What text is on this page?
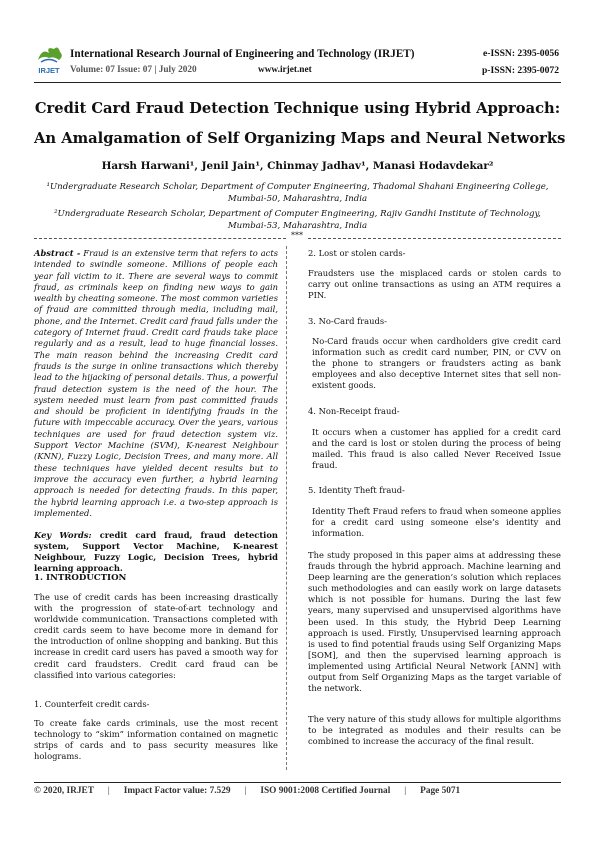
IRJET
International Research Journal of Engineering and Technology (IRJET)	e-ISSN: 2395-0056
Volume: 07 Issue: 07 | July 2020	www.irjet.net	p-ISSN: 2395-0072
Credit Card Fraud Detection Technique using Hybrid Approach:
An Amalgamation of Self Organizing Maps and Neural Networks
Harsh Harwani¹, Jenil Jain¹, Chinmay Jadhav¹, Manasi Hodavdekar²
¹Undergraduate Research Scholar, Department of Computer Engineering, Thadomal Shahani Engineering College, Mumbai-50, Maharashtra, India
²Undergraduate Research Scholar, Department of Computer Engineering, Rajiv Gandhi Institute of Technology, Mumbai-53, Maharashtra, India
***
Abstract - Fraud is an extensive term that refers to acts intended to swindle someone. Millions of people each year fall victim to it. There are several ways to commit fraud, as criminals keep on finding new ways to gain wealth by cheating someone. The most common varieties of fraud are committed through media, including mail, phone, and the Internet. Credit card fraud falls under the category of Internet fraud. Credit card frauds take place regularly and as a result, lead to huge financial losses. The main reason behind the increasing Credit card frauds is the surge in online transactions which thereby lead to the hijacking of personal details. Thus, a powerful fraud detection system is the need of the hour. The system needed must learn from past committed frauds and should be proficient in identifying frauds in the future with impeccable accuracy. Over the years, various techniques are used for fraud detection system viz. Support Vector Machine (SVM), K-nearest Neighbour (KNN), Fuzzy Logic, Decision Trees, and many more. All these techniques have yielded decent results but to improve the accuracy even further, a hybrid learning approach is needed for detecting frauds. In this paper, the hybrid learning approach i.e. a two-step approach is implemented.
Key Words: credit card fraud, fraud detection system, Support Vector Machine, K-nearest Neighbour, Fuzzy Logic, Decision Trees, hybrid learning approach.
1. INTRODUCTION
The use of credit cards has been increasing drastically with the progression of state-of-art technology and worldwide communication. Transactions completed with credit cards seem to have become more in demand for the introduction of online shopping and banking. But this increase in credit card users has paved a smooth way for credit card fraudsters. Credit card fraud can be classified into various categories:
1. Counterfeit credit cards-
To create fake cards criminals, use the most recent technology to “skim” information contained on magnetic strips of cards and to pass security measures like holograms.
2. Lost or stolen cards-
Fraudsters use the misplaced cards or stolen cards to carry out online transactions as using an ATM requires a PIN.
3. No-Card frauds-
No-Card frauds occur when cardholders give credit card information such as credit card number, PIN, or CVV on the phone to strangers or fraudsters acting as bank employees and also deceptive Internet sites that sell non-existent goods.
4. Non-Receipt fraud-
It occurs when a customer has applied for a credit card and the card is lost or stolen during the process of being mailed. This fraud is also called Never Received Issue fraud.
5. Identity Theft fraud-
Identity Theft Fraud refers to fraud when someone applies for a credit card using someone else’s identity and information.
The study proposed in this paper aims at addressing these frauds through the hybrid approach. Machine learning and Deep learning are the generation’s solution which replaces such methodologies and can easily work on large datasets which is not possible for humans. During the last few years, many supervised and unsupervised algorithms have been used. In this study, the Hybrid Deep Learning approach is used. Firstly, Unsupervised learning approach is used to find potential frauds using Self Organizing Maps [SOM], and then the supervised learning approach is implemented using Artificial Neural Network [ANN] with output from Self Organizing Maps as the target variable of the network.
The very nature of this study allows for multiple algorithms to be integrated as modules and their results can be combined to increase the accuracy of the final result.
© 2020, IRJET | Impact Factor value: 7.529 | ISO 9001:2008 Certified Journal | Page 5071
